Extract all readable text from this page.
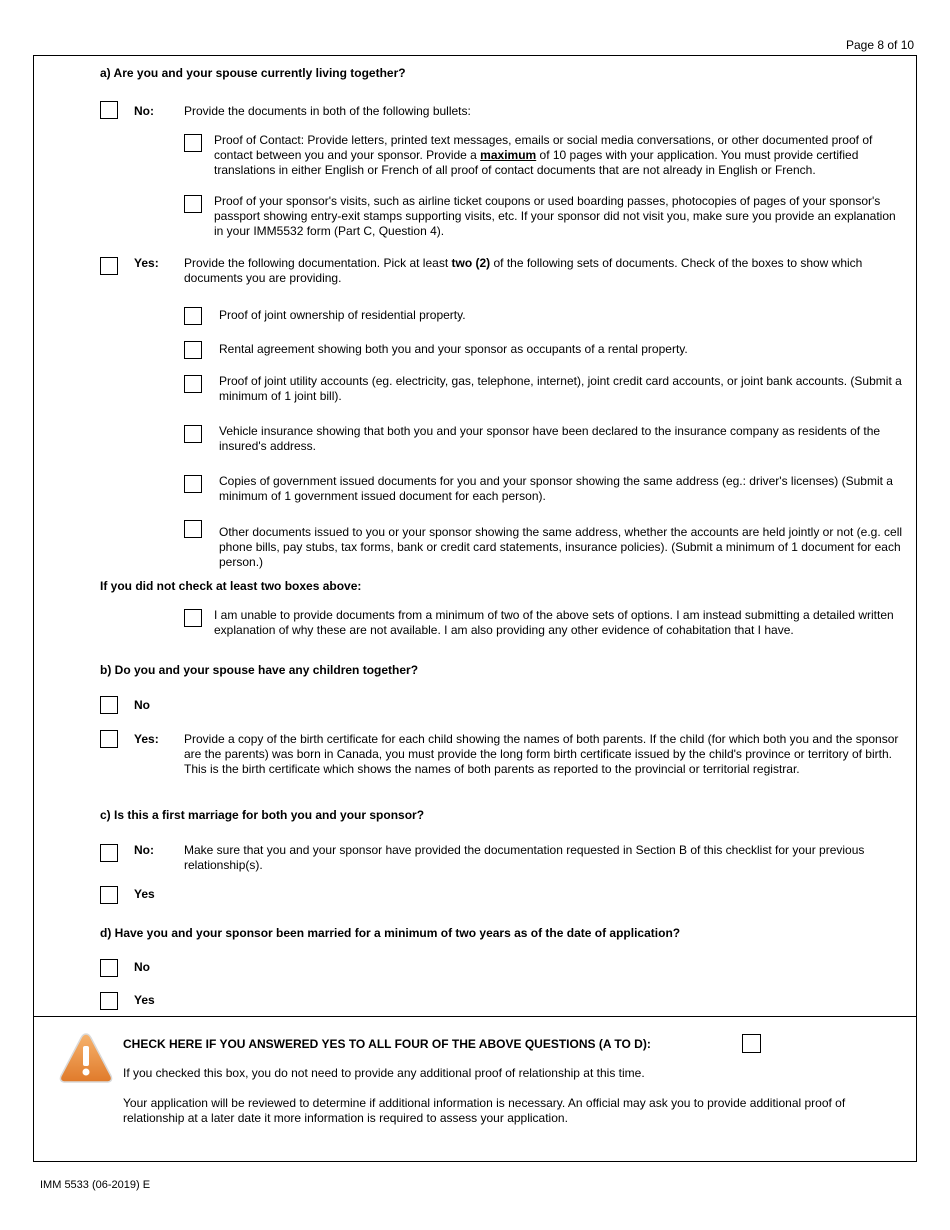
Page 8 of 10
a) Are you and your spouse currently living together?
No:	Provide the documents in both of the following bullets:
Proof of Contact: Provide letters, printed text messages, emails or social media conversations, or other documented proof of contact between you and your sponsor. Provide a maximum of 10 pages with your application. You must provide certified translations in either English or French of all proof of contact documents that are not already in English or French.
Proof of your sponsor's visits, such as airline ticket coupons or used boarding passes, photocopies of pages of your sponsor's passport showing entry-exit stamps supporting visits, etc. If your sponsor did not visit you, make sure you provide an explanation in your IMM5532 form (Part C, Question 4).
Yes: Provide the following documentation. Pick at least two (2) of the following sets of documents. Check of the boxes to show which documents you are providing.
Proof of joint ownership of residential property.
Rental agreement showing both you and your sponsor as occupants of a rental property.
Proof of joint utility accounts (eg. electricity, gas, telephone, internet), joint credit card accounts, or joint bank accounts. (Submit a minimum of 1 joint bill).
Vehicle insurance showing that both you and your sponsor have been declared to the insurance company as residents of the insured's address.
Copies of government issued documents for you and your sponsor showing the same address (eg.: driver's licenses) (Submit a minimum of 1 government issued document for each person).
Other documents issued to you or your sponsor showing the same address, whether the accounts are held jointly or not (e.g. cell phone bills, pay stubs, tax forms, bank or credit card statements, insurance policies). (Submit a minimum of 1 document for each person.)
If you did not check at least two boxes above:
I am unable to provide documents from a minimum of two of the above sets of options. I am instead submitting a detailed written explanation of why these are not available. I am also providing any other evidence of cohabitation that I have.
b) Do you and your spouse have any children together?
No
Yes: Provide a copy of the birth certificate for each child showing the names of both parents. If the child (for which both you and the sponsor are the parents) was born in Canada, you must provide the long form birth certificate issued by the child's province or territory of birth. This is the birth certificate which shows the names of both parents as reported to the provincial or territorial registrar.
c) Is this a first marriage for both you and your sponsor?
No:	Make sure that you and your sponsor have provided the documentation requested in Section B of this checklist for your previous relationship(s).
Yes
d) Have you and your sponsor been married for a minimum of two years as of the date of application?
No
Yes
CHECK HERE IF YOU ANSWERED YES TO ALL FOUR OF THE ABOVE QUESTIONS (A TO D):
If you checked this box, you do not need to provide any additional proof of relationship at this time.
Your application will be reviewed to determine if additional information is necessary. An official may ask you to provide additional proof of relationship at a later date it more information is required to assess your application.
IMM 5533 (06-2019) E
